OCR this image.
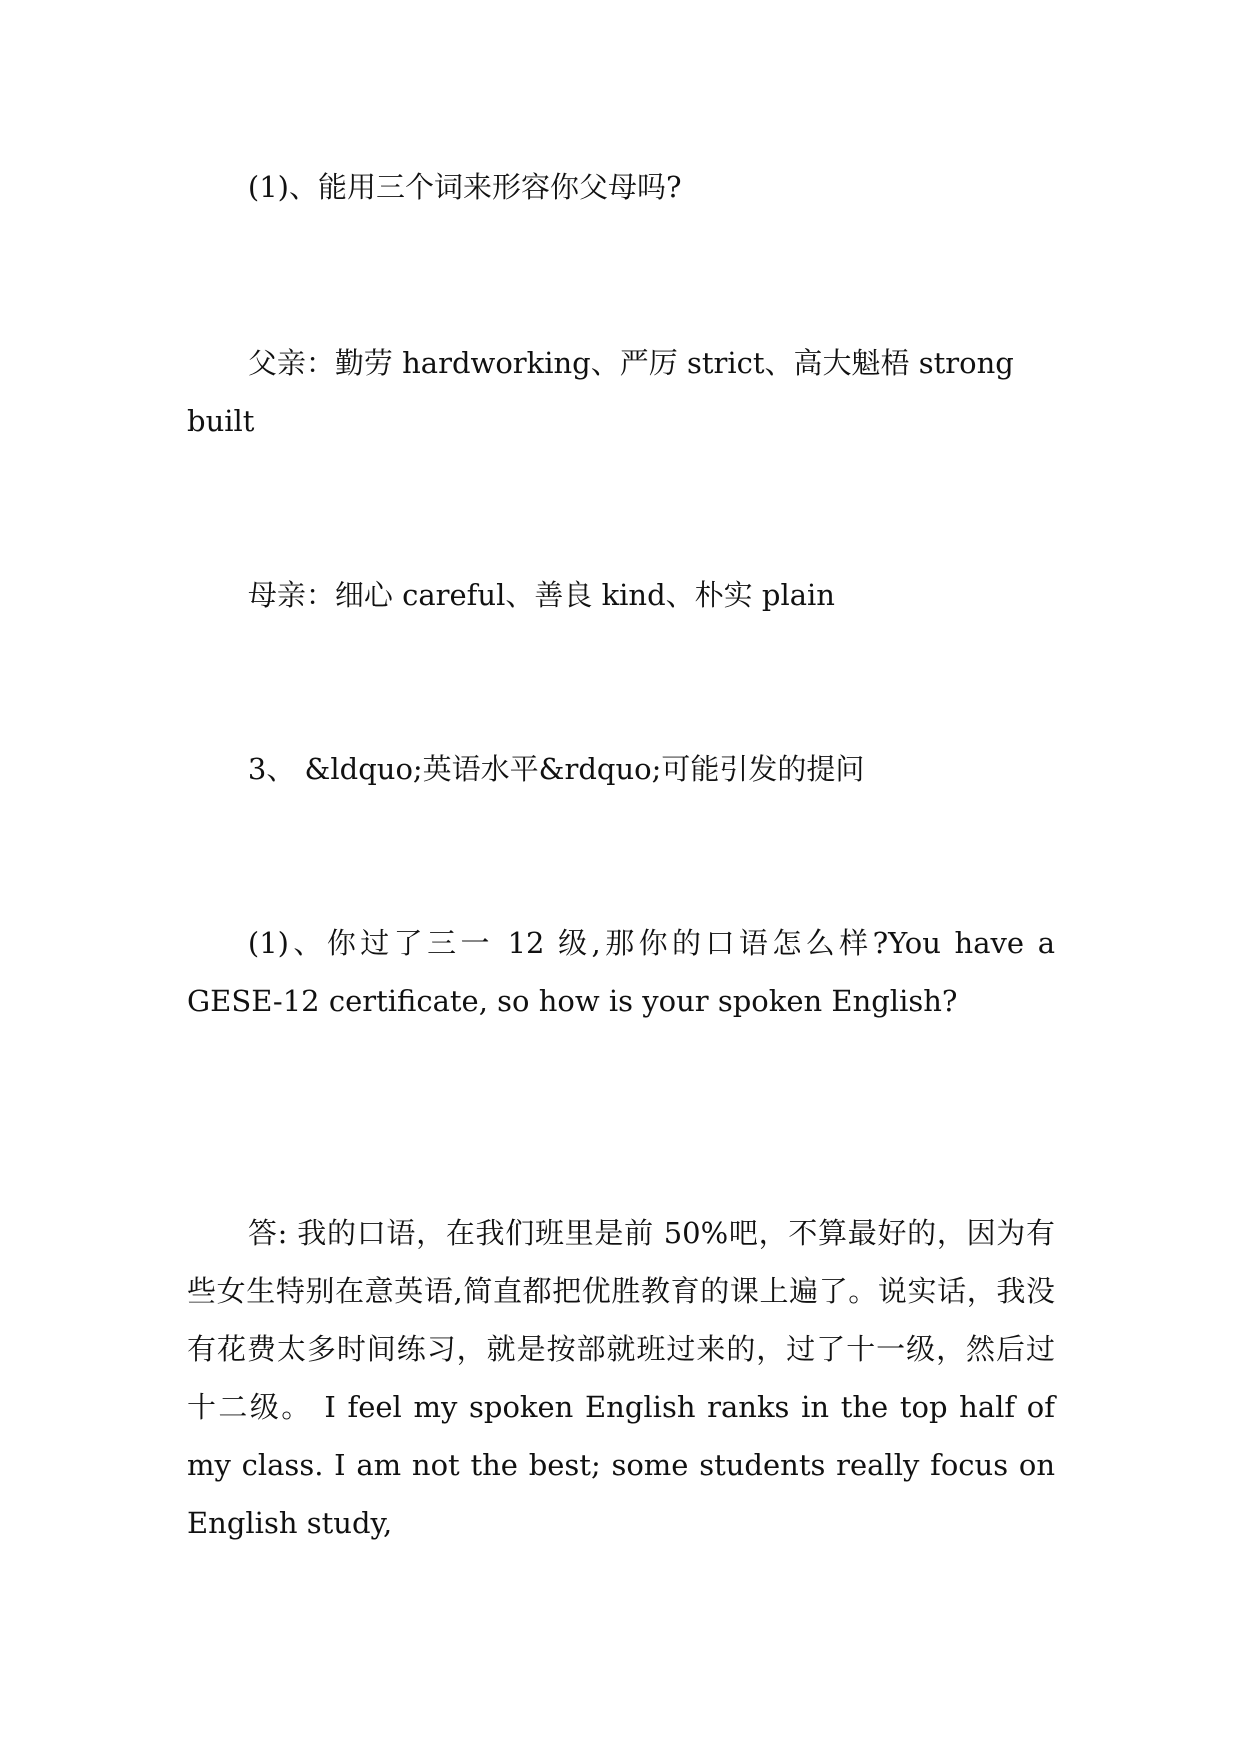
(1)、能用三个词来形容你父母吗?

父亲：勤劳 hardworking、严厉 strict、高大魁梧 strong built

母亲：细心 careful、善良 kind、朴实 plain

3、 &ldquo;英语水平&rdquo;可能引发的提问

(1)、你过了三一 12 级,那你的口语怎么样?You have a GESE-12 certificate, so how is your spoken English?

答: 我的口语，在我们班里是前 50%吧，不算最好的，因为有些女生特别在意英语,简直都把优胜教育的课上遍了。说实话，我没有花费太多时间练习，就是按部就班过来的，过了十一级，然后过十二级。 I feel my spoken English ranks in the top half of my class. I am not the best; some students really focus on English study,
